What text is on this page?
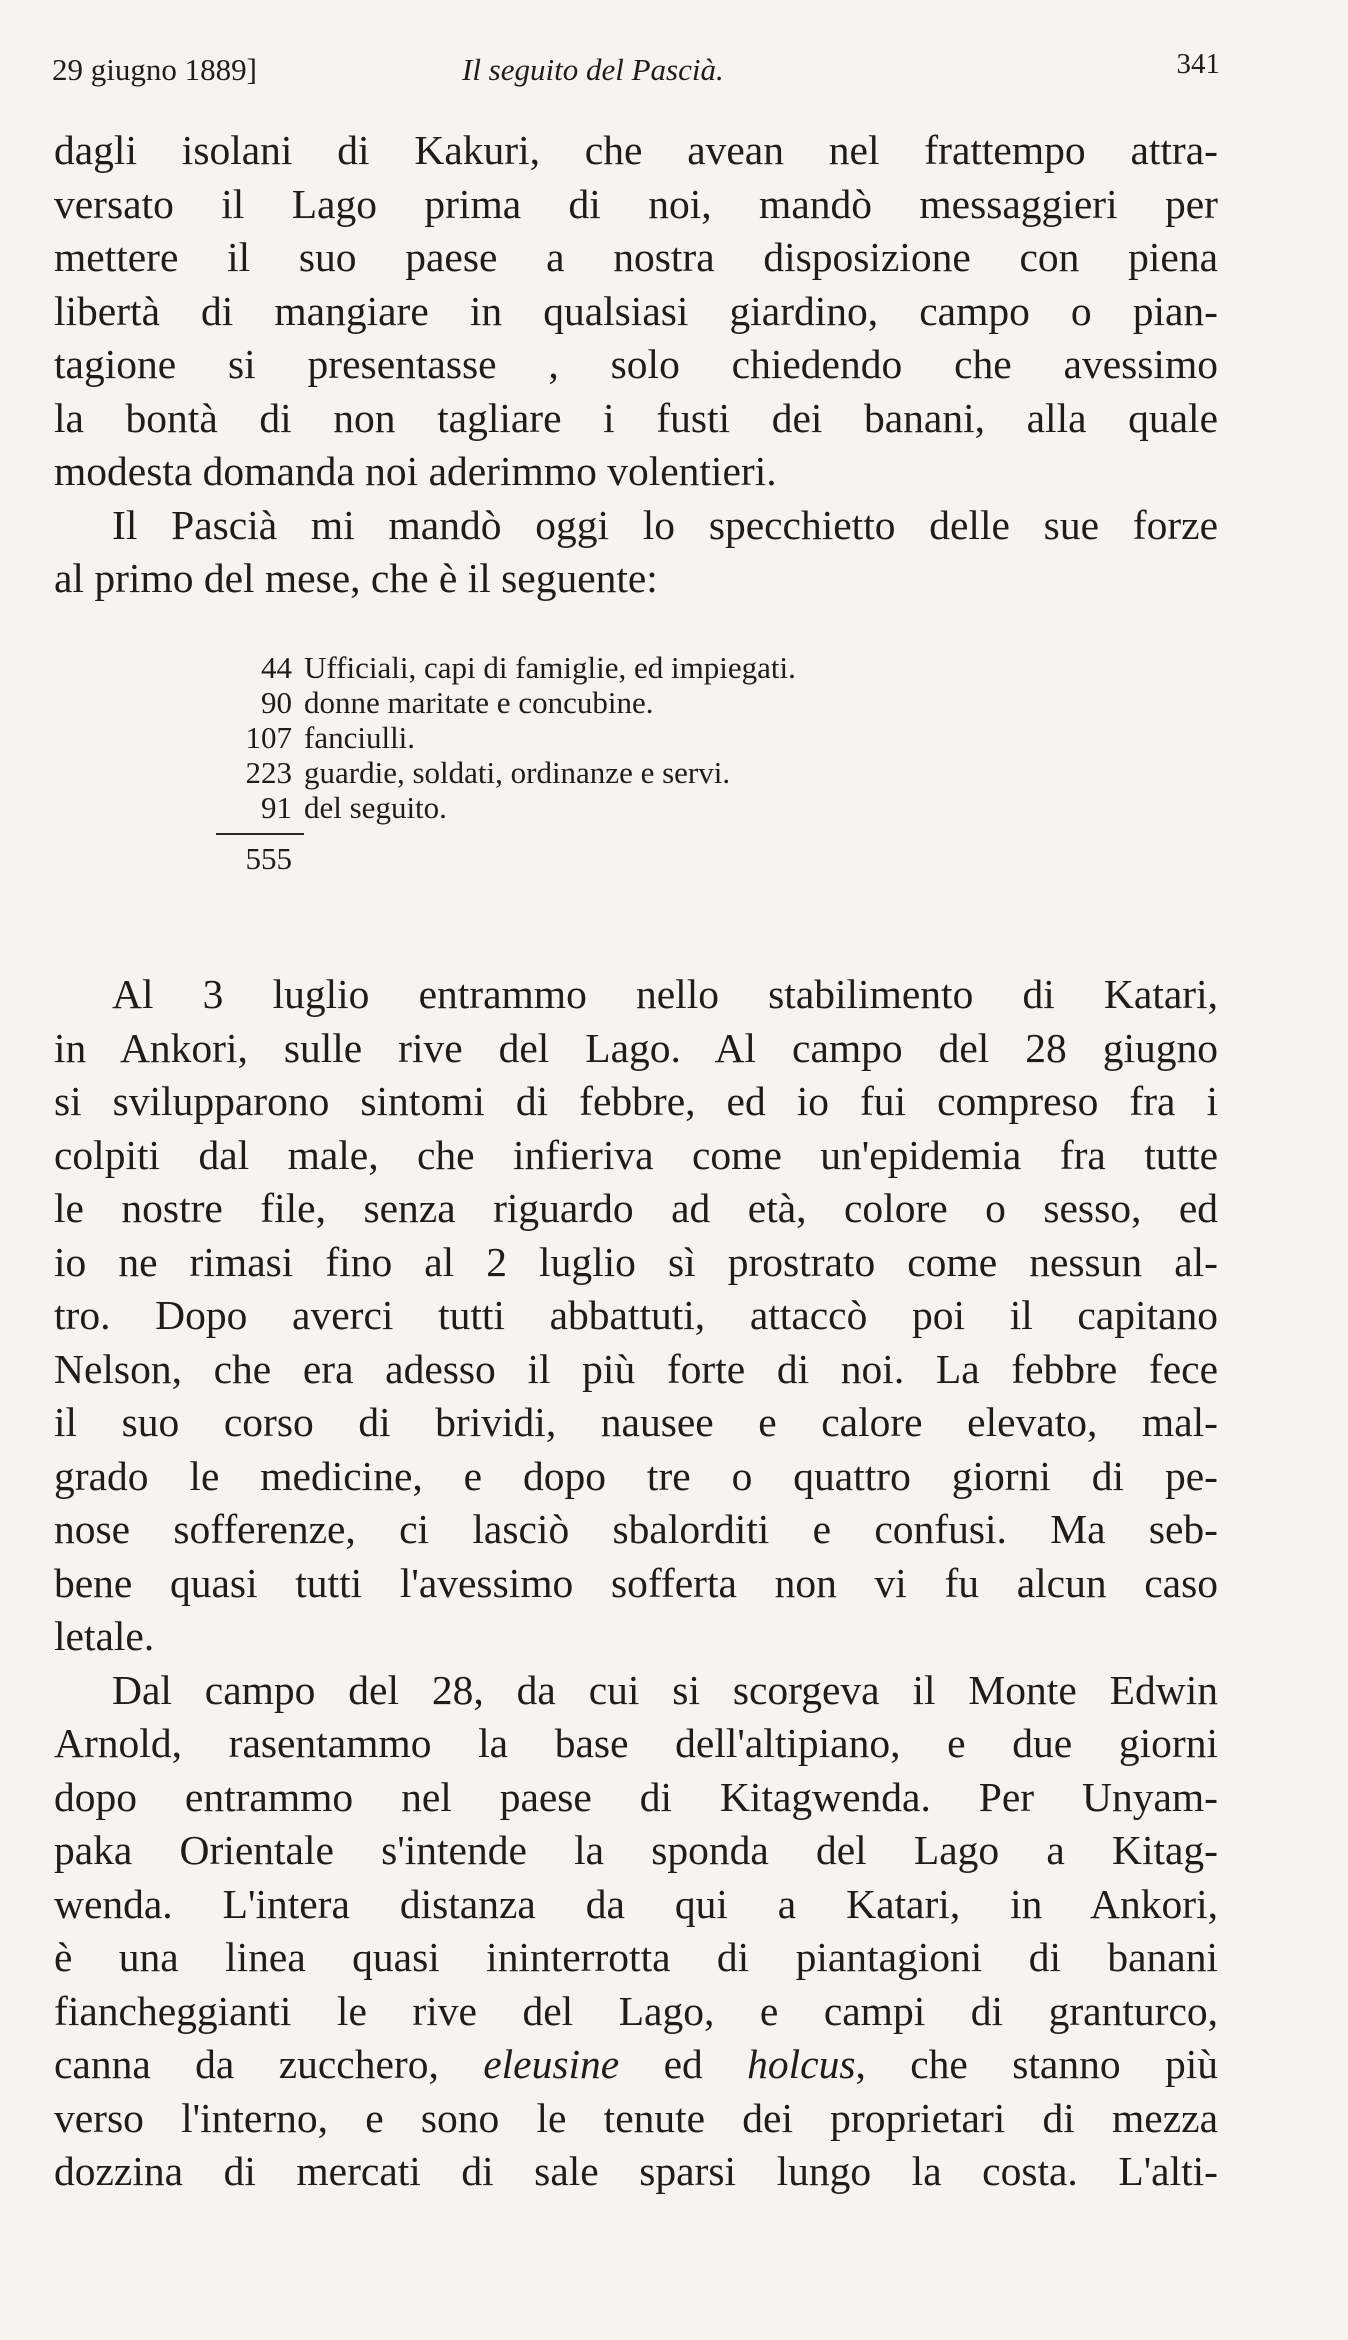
29 giugno 1889]	Il seguito del Pascià.	341
dagli isolani di Kakuri, che avean nel frattempo attra-
versato il Lago prima di noi, mandò messaggieri per
mettere il suo paese a nostra disposizione con piena
libertà di mangiare in qualsiasi giardino, campo o pian-
tagione si presentasse , solo chiedendo che avessimo
la bontà di non tagliare i fusti dei banani, alla quale
modesta domanda noi aderimmo volentieri.
Il Pascià mi mandò oggi lo specchietto delle sue forze
al primo del mese, che è il seguente:
44 Ufficiali, capi di famiglie, ed impiegati.
90 donne maritate e concubine.
107 fanciulli.
223 guardie, soldati, ordinanze e servi.
91 del seguito.
555
Al 3 luglio entrammo nello stabilimento di Katari,
in Ankori, sulle rive del Lago. Al campo del 28 giugno
si svilupparono sintomi di febbre, ed io fui compreso fra i
colpiti dal male, che infieriva come un'epidemia fra tutte
le nostre file, senza riguardo ad età, colore o sesso, ed
io ne rimasi fino al 2 luglio sì prostrato come nessun al-
tro. Dopo averci tutti abbattuti, attaccò poi il capitano
Nelson, che era adesso il più forte di noi. La febbre fece
il suo corso di brividi, nausee e calore elevato, mal-
grado le medicine, e dopo tre o quattro giorni di pe-
nose sofferenze, ci lasciò sbalorditi e confusi. Ma seb-
bene quasi tutti l'avessimo sofferta non vi fu alcun caso
letale.
Dal campo del 28, da cui si scorgeva il Monte Edwin
Arnold, rasentammo la base dell'altipiano, e due giorni
dopo entrammo nel paese di Kitagwenda. Per Unyam-
paka Orientale s'intende la sponda del Lago a Kitag-
wenda. L'intera distanza da qui a Katari, in Ankori,
è una linea quasi ininterrotta di piantagioni di banani
fiancheggianti le rive del Lago, e campi di granturco,
canna da zucchero, eleusine ed holcus, che stanno più
verso l'interno, e sono le tenute dei proprietari di mezza
dozzina di mercati di sale sparsi lungo la costa. L'alti-
